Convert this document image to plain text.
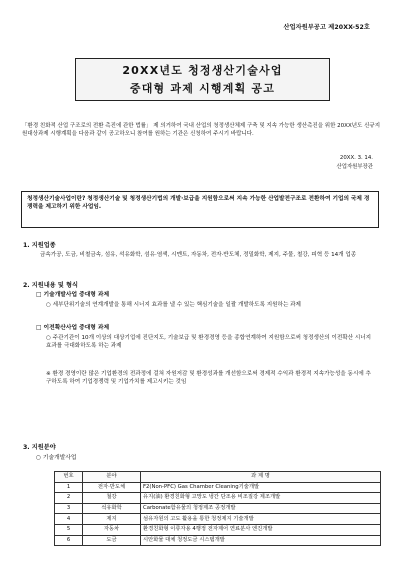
산업자원부공고 제20XX-52호
20XX년도 청정생산기술사업
중대형 과제 시행계획 공고
「환경 친화적 산업 구조로의 전환 촉진에 관한 법률」 제 의거하여 국내 산업의 청정생산체제 구축 및 지속 가능한 생산촉진을 위한 20XX년도 신규지원대상과제 시행계획을 다음과 같이 공고하오니 참여를 원하는 기관은 신청하여 주시기 바랍니다.
20XX. 3. 14.
산업자원부장관
청정생산기술사업이란? 청정생산기술 및 청정생산기법의 개발·보급을 지원함으로써 지속 가능한 산업발전구조로 전환하여 기업의 국제 경쟁력을 제고하기 위한 사업임.
1. 지원업종
금속가공, 도금, 비철금속, 섬유, 석유화학, 섬유·염색, 시멘트, 자동차, 전자·반도체, 정밀화학, 제지, 주물, 철강, 피혁 등 14개 업종
2. 지원내용 및 형식
□ 기술개발사업 중대형 과제
○ 세부단위기술의 연계개발을 통해 시너지 효과를 낼 수 있는 핵심기술을 일괄 개발하도록 지원하는 과제
□ 이전확산사업 중대형 과제
○ 주관기관이 10개 이상의 대상기업에 진단지도, 기술보급 및 환경경영 등을 종합연계하여 지원함으로써 청정생산의 이전확산 시너지효과를 극대화하도록 하는 과제
※ 환경 경영이란 많은 기업환경의 전과정에 걸쳐 자원저감 및 환경성과를 개선함으로써 경제적 수익과 환경적 지속가능성을 동시에 추구하도록 하여 기업경쟁력 및 기업가치를 제고시키는 것임
3. 지원분야
○ 기술개발사업
번호	분야	과 제 명
1	전자·반도체	F2(Non-PFC) Gas Chamber Cleaning기술개발
2	철강	유지(油) 환경친화형 고망도 냉간 단조용 비조질강 제조개발
3	석유화학	Carbonate함유물의 청정제조 공정개발
4	제지	섬유자원의 고도 활용을 통한 청정제지 기술개발
5	자동차	환경친화형 이류자용 4행정 전자제어 연료분사 엔진개발
6	도금	시안화물 대체 청정도금 시스템개발
